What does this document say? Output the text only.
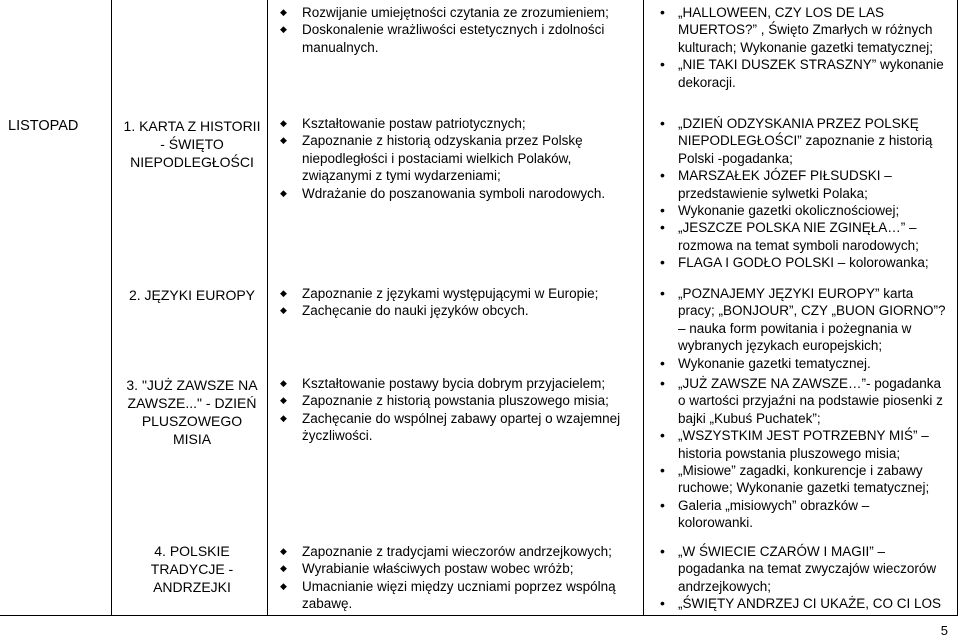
LISTOPAD
◆ Rozwijanie umiejętności czytania ze zrozumieniem;
◆ Doskonalenie wrażliwości estetycznych i zdolności manualnych.
• „HALLOWEEN, CZY LOS DE LAS MUERTOS?” , Święto Zmarłych w różnych kulturach; Wykonanie gazetki tematycznej;
• „NIE TAKI DUSZEK STRASZNY” wykonanie dekoracji.
1. KARTA Z HISTORII - ŚWIĘTO NIEPODLEGŁOŚCI
◆ Kształtowanie postaw patriotycznych;
◆ Zapoznanie z historią odzyskania przez Polskę niepodległości i postaciami wielkich Polaków, związanymi z tymi wydarzeniami;
◆ Wdrażanie do poszanowania symboli narodowych.
• „DZIEŃ ODZYSKANIA PRZEZ POLSKĘ NIEPODLEGŁOŚCI” zapoznanie z historią Polski -pogadanka;
• MARSZAŁEK JÓZEF PIŁSUDSKI – przedstawienie sylwetki Polaka;
• Wykonanie gazetki okolicznościowej;
• „JESZCZE POLSKA NIE ZGINĘŁA…” – rozmowa na temat symboli narodowych;
• FLAGA I GODŁO POLSKI – kolorowanka;
2. JĘZYKI EUROPY
◆	Zapoznanie z językami występującymi w Europie;
◆ Zachęcanie do nauki języków obcych.
• „POZNAJEMY JĘZYKI EUROPY” karta pracy; „BONJOUR”, CZY „BUON GIORNO”? – nauka form powitania i pożegnania w wybranych językach europejskich;
• Wykonanie gazetki tematycznej.
3. "JUŻ ZAWSZE NA ZAWSZE..." - DZIEŃ PLUSZOWEGO MISIA
◆ Kształtowanie postawy bycia dobrym przyjacielem;
◆ Zapoznanie z historią powstania pluszowego misia;
◆ Zachęcanie do wspólnej zabawy opartej o wzajemnej życzliwości.
• „JUŻ ZAWSZE NA ZAWSZE…”- pogadanka o wartości przyjaźni na podstawie piosenki z bajki „Kubuś Puchatek”;
• „WSZYSTKIM JEST POTRZEBNY MIŚ” – historia powstania pluszowego misia;
• „Misiowe” zagadki, konkurencje i zabawy ruchowe; Wykonanie gazetki tematycznej;
• Galeria „misiowych” obrazków – kolorowanki.
4. POLSKIE TRADYCJE - ANDRZEJKI
◆ Zapoznanie z tradycjami wieczorów andrzejkowych;
◆ Wyrabianie właściwych postaw wobec wróżb;
◆ Umacnianie więzi między uczniami poprzez wspólną zabawę.
• „W ŚWIECIE CZARÓW I MAGII” – pogadanka na temat zwyczajów wieczorów andrzejkowych;
• „ŚWIĘTY ANDRZEJ CI UKAŻE, CO CI LOS
5
